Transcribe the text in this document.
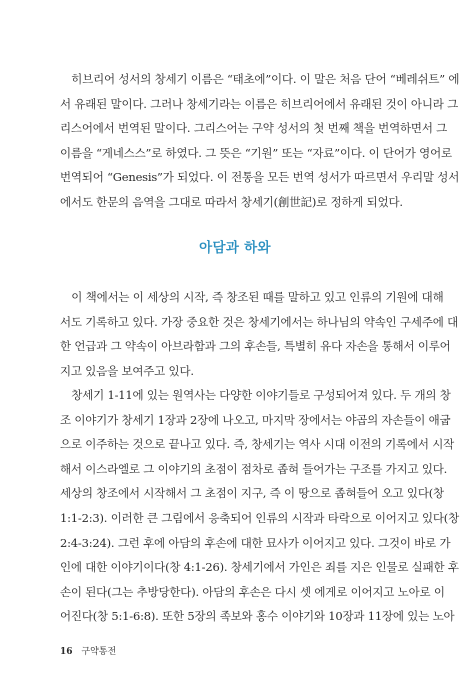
　히브리어 성서의 창세기 이름은 “태초에”이다. 이 말은 처음 단어 “베레쉬트” 에
서 유래된 말이다. 그러나 창세기라는 이름은 히브리어에서 유래된 것이 아니라 그
리스어에서 번역된 말이다. 그리스어는 구약 성서의 첫 번째 책을 번역하면서 그
이름을 “게네스스”로 하였다. 그 뜻은 “기원” 또는 “자료”이다. 이 단어가 영어로
번역되어 “Genesis”가 되었다. 이 전통을 모든 번역 성서가 따르면서 우리말 성서
에서도 한문의 음역을 그대로 따라서 창세기(創世記)로 정하게 되었다.
아담과 하와
　이 책에서는 이 세상의 시작, 즉 창조된 때를 말하고 있고 인류의 기원에 대해
서도 기록하고 있다. 가장 중요한 것은 창세기에서는 하나님의 약속인 구세주에 대
한 언급과 그 약속이 아브라함과 그의 후손들, 특별히 유다 자손을 통해서 이루어
지고 있음을 보여주고 있다.
　창세기 1-11에 있는 원역사는 다양한 이야기들로 구성되어져 있다. 두 개의 창
조 이야기가 창세기 1장과 2장에 나오고, 마지막 장에서는 야곱의 자손들이 애굽
으로 이주하는 것으로 끝나고 있다. 즉, 창세기는 역사 시대 이전의 기록에서 시작
해서 이스라엘로 그 이야기의 초점이 점차로 좁혀 들어가는 구조를 가지고 있다.
세상의 창조에서 시작해서 그 초점이 지구, 즉 이 땅으로 좁혀들어 오고 있다(창
1:1-2:3). 이러한 큰 그림에서 응축되어 인류의 시작과 타락으로 이어지고 있다(창
2:4-3:24). 그런 후에 아담의 후손에 대한 묘사가 이어지고 있다. 그것이 바로 가
인에 대한 이야기이다(창 4:1-26). 창세기에서 가인은 죄를 지은 인물로 실패한 후
손이 된다(그는 추방당한다). 아담의 후손은 다시 셋 에게로 이어지고 노아로 이
어진다(창 5:1-6:8). 또한 5장의 족보와 홍수 이야기와 10장과 11장에 있는 노아
16 구약통전
